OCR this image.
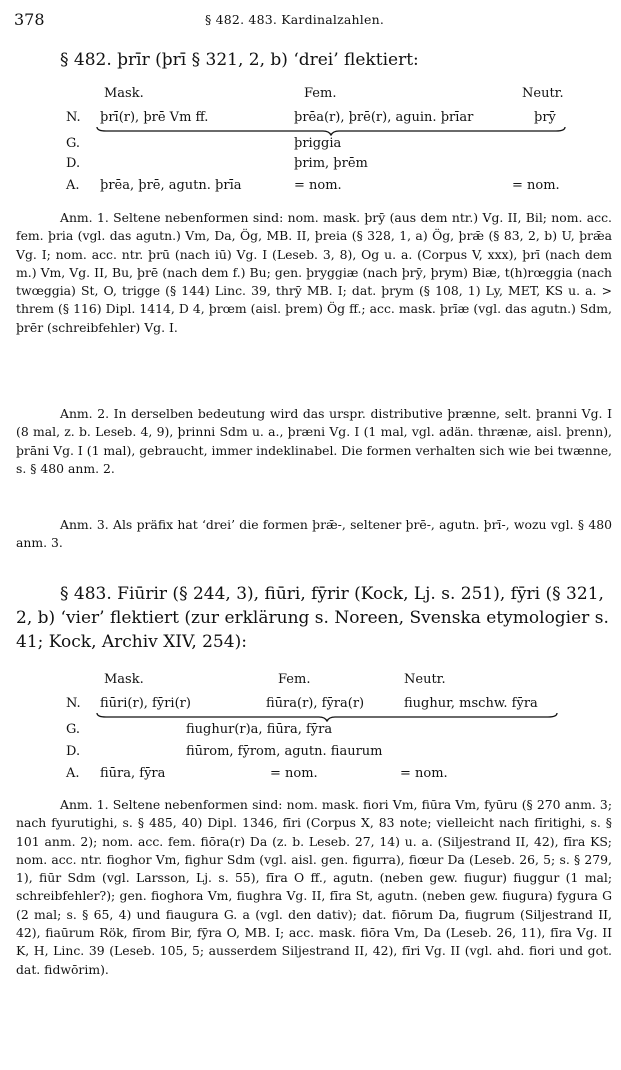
378	§ 482. 483. Kardinalzahlen.
§ 482. þrīr (þrī § 321, 2, b) ‘drei’ flektiert:
Mask.	Fem.	Neutr.
N. þrī(r), þrē Vm ff.	þrēa(r), þrē(r), aguin. þrīar	þrȳ
G.	þriggia
D.	þrim, þrēm
A. þrēa, þrē, agutn. þrīa	= nom.	= nom.

Anm. 1. Seltene nebenformen sind: nom. mask. þrȳ (aus dem ntr.) Vg. II, Bil; nom. acc. fem. þria (vgl. das agutn.) Vm, Da, Ög, MB. II, þreia (§ 328, 1, a) Ög, þrǣ (§ 83, 2, b) U, þrǣa Vg. I; nom. acc. ntr. þrū (nach iū) Vg. I (Leseb. 3, 8), Og u. a. (Corpus V, xxx), þrī (nach dem m.) Vm, Vg. II, Bu, þrē (nach dem f.) Bu; gen. þryggiæ (nach þrȳ, þrym) Biæ, t(h)rœggia (nach twœggia) St, O, trigge (§ 144) Linc. 39, thrȳ MB. I; dat. þrym (§ 108, 1) Ly, MET, KS u. a. > threm (§ 116) Dipl. 1414, D 4, þrœm (aisl. þrem) Ög ff.; acc. mask. þrīæ (vgl. das agutn.) Sdm, þrēr (schreibfehler) Vg. I.

Anm. 2. In derselben bedeutung wird das urspr. distributive þrænne, selt. þranni Vg. I (8 mal, z. b. Leseb. 4, 9), þrinni Sdm u. a., þræni Vg. I (1 mal, vgl. adän. thrænæ, aisl. þrenn), þrāni Vg. I (1 mal), gebraucht, immer indeklinabel. Die formen verhalten sich wie bei twænne, s. § 480 anm. 2.

Anm. 3. Als präfix hat ‘drei’ die formen þrǣ-, seltener þrē-, agutn. þrī-, wozu vgl. § 480 anm. 3.

§ 483. Fiūrir (§ 244, 3), fiūri, fȳrir (Kock, Lj. s. 251), fȳri (§ 321, 2, b) ‘vier’ flektiert (zur erklärung s. Noreen, Svenska etymologier s. 41; Kock, Archiv XIV, 254):
Mask.	Fem.	Neutr.
N. fiūri(r), fȳri(r)	fiūra(r), fȳra(r)	fiughur, mschw. fȳra
G.	fiughur(r)a, fiūra, fȳra
D.	fiūrom, fȳrom, agutn. fiaurum
A. fiūra, fȳra	= nom.	= nom.

Anm. 1. Seltene nebenformen sind: nom. mask. fiori Vm, fiūra Vm, fyūru (§ 270 anm. 3; nach fyurutighi, s. § 485, 40) Dipl. 1346, fīri (Corpus X, 83 note; vielleicht nach fīritighi, s. § 101 anm. 2); nom. acc. fem. fiōra(r) Da (z. b. Leseb. 27, 14) u. a. (Siljestrand II, 42), fīra KS; nom. acc. ntr. fioghor Vm, fighur Sdm (vgl. aisl. gen. figurra), fiœur Da (Leseb. 26, 5; s. § 279, 1), fiūr Sdm (vgl. Larsson, Lj. s. 55), fīra O ff., agutn. (neben gew. fiugur) fiuggur (1 mal; schreibfehler?); gen. fioghora Vm, fiughra Vg. II, fīra St, agutn. (neben gew. fiugura) fygura G (2 mal; s. § 65, 4) und fiaugura G. a (vgl. den dativ); dat. fiōrum Da, fiugrum (Siljestrand II, 42), fiaūrum Rök, fīrom Bir, fȳra O, MB. I; acc. mask. fiōra Vm, Da (Leseb. 26, 11), fīra Vg. II K, H, Linc. 39 (Leseb. 105, 5; ausserdem Siljestrand II, 42), fīri Vg. II (vgl. ahd. fiori und got. dat. fidwōrim).
